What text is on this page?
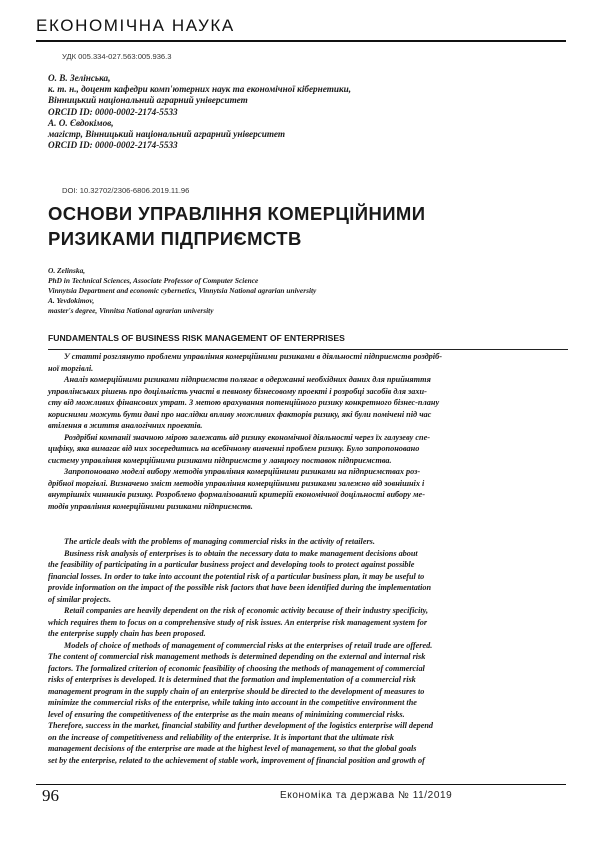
ЕКОНОМІЧНА НАУКА
УДК 005.334-027.563:005.936.3
О. В. Зелінська,
к. т. н., доцент кафедри комп'ютерних наук та економічної кібернетики,
Вінницький національний аграрний університет
ORCID ID: 0000-0002-2174-5533
А. О. Євдокімов,
магістр, Вінницький національний аграрний університет
ORCID ID: 0000-0002-2174-5533
DOI: 10.32702/2306-6806.2019.11.96
ОСНОВИ УПРАВЛІННЯ КОМЕРЦІЙНИМИ
РИЗИКАМИ ПІДПРИЄМСТВ
O. Zelinska,
PhD in Technical Sciences, Associate Professor of Computer Science
Vinnytsia Department and economic cybernetics, Vinnytsia National agrarian university
A. Yevdokimov,
master's degree, Vinnitsa National agrarian university
FUNDAMENTALS OF BUSINESS RISK MANAGEMENT OF ENTERPRISES
У статті розглянуто проблеми управління комерційними ризиками в діяльності підприємств роздріб-
ної торгівлі.
Аналіз комерційними ризиками підприємств полягає в одержанні необхідних даних для прийняття
управлінських рішень про доцільність участі в певному бізнесовому проекті і розробці засобів для захи-
сту від можливих фінансових утрат. З метою врахування потенційного ризику конкретного бізнес-плану
корисними можуть бути дані про наслідки впливу можливих факторів ризику, які були помічені під час
втілення в життя аналогічних проектів.
Роздрібні компанії значною мірою залежать від ризику економічної діяльності через їх галузеву спе-
цифіку, яка вимагає від них зосередитись на всебічному вивченні проблем ризику. Було запропоновано
систему управління комерційними ризиками підприємств у ланцюгу поставок підприємства.
Запропоновано моделі вибору методів управління комерційними ризиками на підприємствах роз-
дрібної торгівлі. Визначено зміст методів управління комерційними ризиками залежно від зовнішніх і
внутрішніх чинників ризику. Розроблено формалізований критерій економічної доцільності вибору ме-
тодів управління комерційними ризиками підприємств.
The article deals with the problems of managing commercial risks in the activity of retailers.
Business risk analysis of enterprises is to obtain the necessary data to make management decisions about
the feasibility of participating in a particular business project and developing tools to protect against possible
financial losses. In order to take into account the potential risk of a particular business plan, it may be useful to
provide information on the impact of the possible risk factors that have been identified during the implementation
of similar projects.
Retail companies are heavily dependent on the risk of economic activity because of their industry specificity,
which requires them to focus on a comprehensive study of risk issues. An enterprise risk management system for
the enterprise supply chain has been proposed.
Models of choice of methods of management of commercial risks at the enterprises of retail trade are offered.
The content of commercial risk management methods is determined depending on the external and internal risk
factors. The formalized criterion of economic feasibility of choosing the methods of management of commercial
risks of enterprises is developed. It is determined that the formation and implementation of a commercial risk
management program in the supply chain of an enterprise should be directed to the development of measures to
minimize the commercial risks of the enterprise, while taking into account in the competitive environment the
level of ensuring the competitiveness of the enterprise as the main means of minimizing commercial risks.
Therefore, success in the market, financial stability and further development of the logistics enterprise will depend
on the increase of competitiveness and reliability of the enterprise. It is important that the ultimate risk
management decisions of the enterprise are made at the highest level of management, so that the global goals
set by the enterprise, related to the achievement of stable work, improvement of financial position and growth of
96	Економіка та держава № 11/2019
